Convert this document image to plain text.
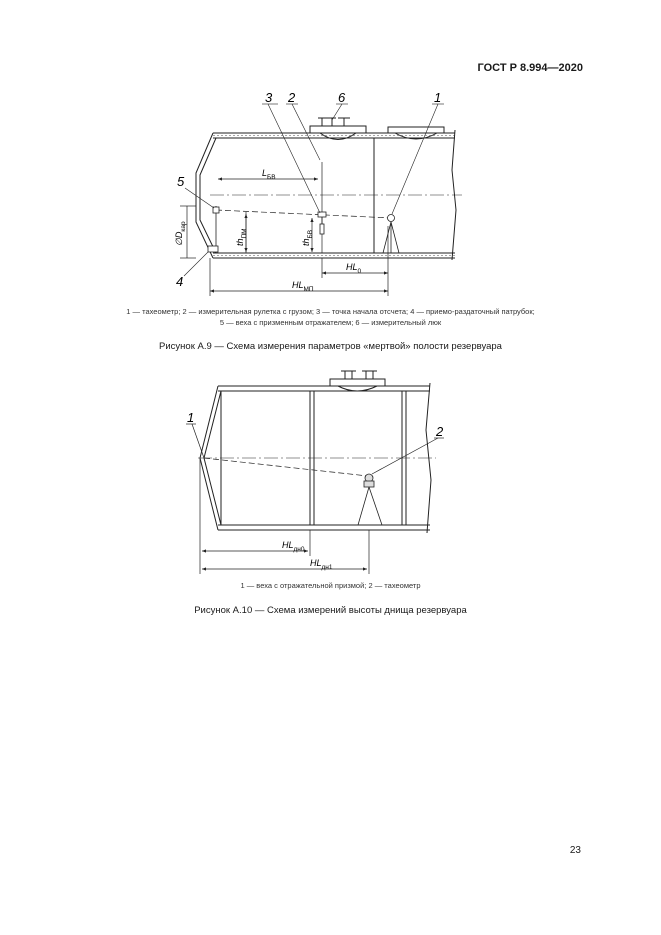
ГОСТ Р 8.994—2020
3 2	6	1
5
4
$L_{БВ}$
$HL_0$
$HL_{МП}$
$th_{ПМ}$
$th_{БВ}$
$\emptyset D_{кар}$
1 — тахеометр; 2 — измерительная рулетка с грузом; 3 — точка начала отсчета; 4 — приемо-раздаточный патрубок;
5 — веха с призменным отражателем; 6 — измерительный люк
Рисунок А.9 — Схема измерения параметров «мертвой» полости резервуара
1
2
$HL_{дн0}$
$HL_{дн1}$
1 — веха с отражательной призмой; 2 — тахеометр
Рисунок А.10 — Схема измерений высоты днища резервуара
23
